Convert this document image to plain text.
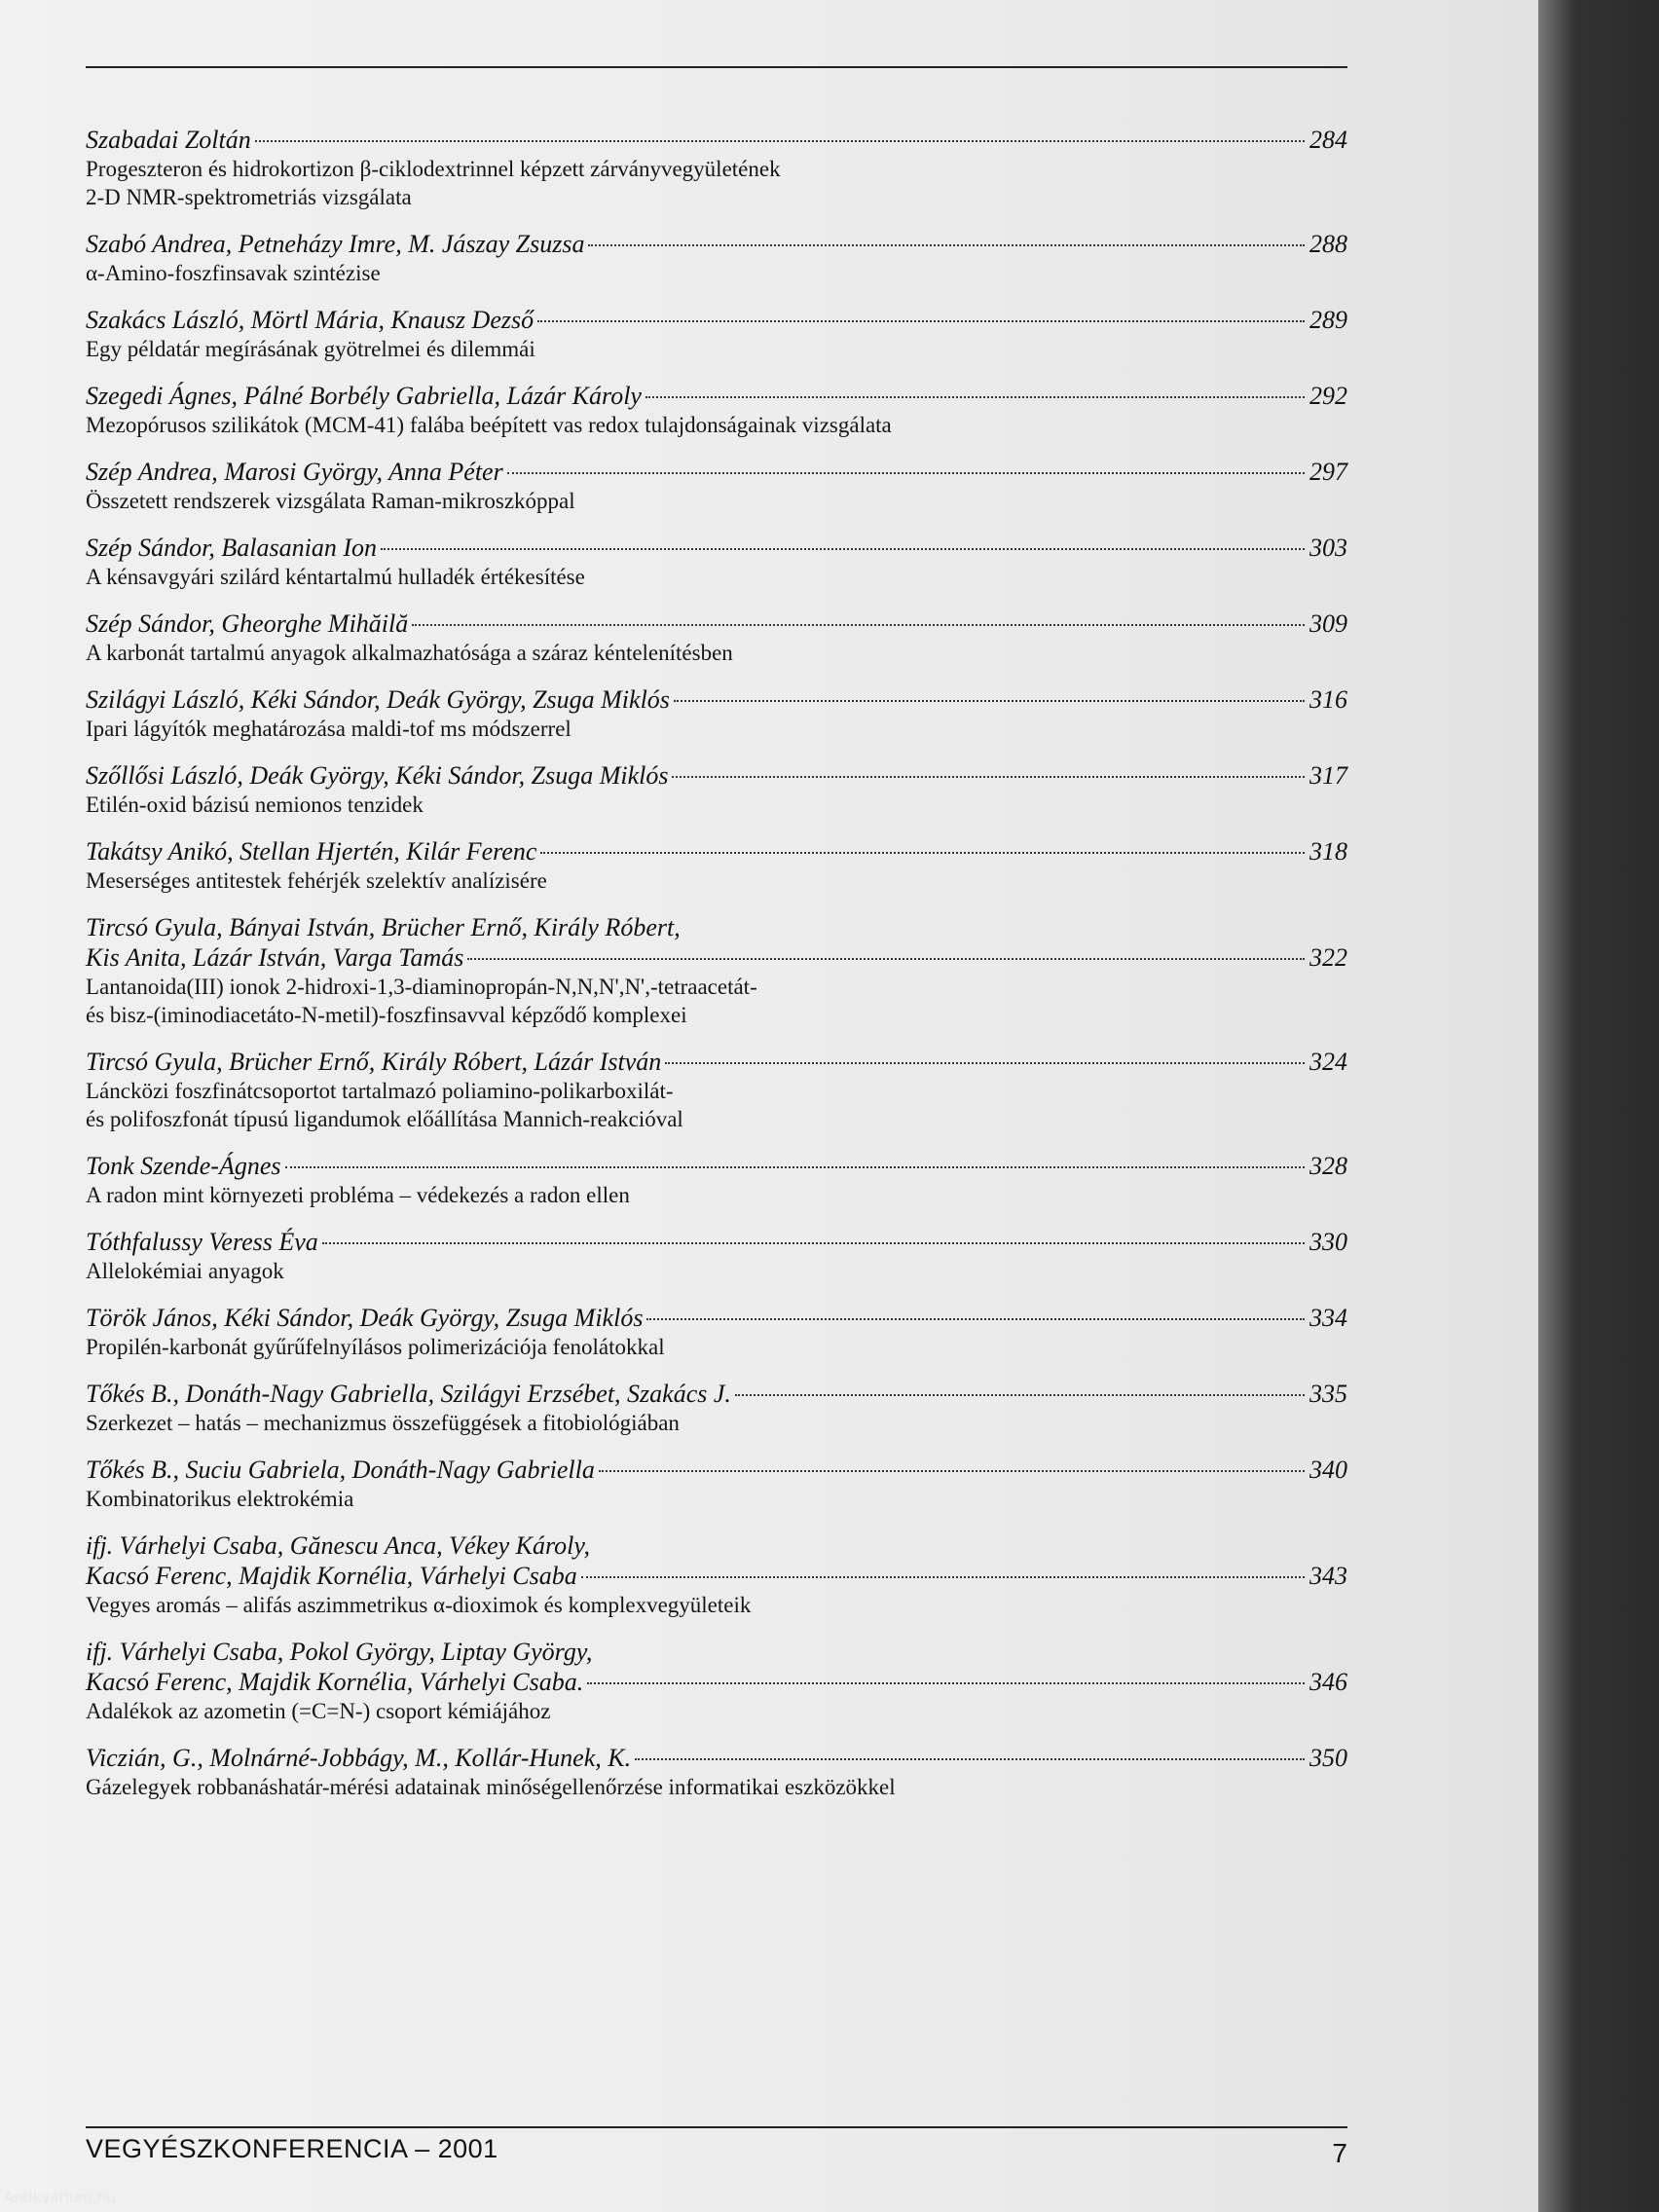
Szabadai Zoltán	284
Progeszteron és hidrokortizon β-ciklodextrinnel képzett zárványvegyületének
2-D NMR-spektrometriás vizsgálata
Szabó Andrea, Petneházy Imre, M. Jászay Zsuzsa	288
α-Amino-foszfinsavak szintézise
Szakács László, Mörtl Mária, Knausz Dezső	289
Egy példatár megírásának gyötrelmei és dilemmái
Szegedi Ágnes, Pálné Borbély Gabriella, Lázár Károly	292
Mezopórusos szilikátok (MCM-41) falába beépített vas redox tulajdonságainak vizsgálata
Szép Andrea, Marosi György, Anna Péter	297
Összetett rendszerek vizsgálata Raman-mikroszkóppal
Szép Sándor, Balasanian Ion	303
A kénsavgyári szilárd kéntartalmú hulladék értékesítése
Szép Sándor, Gheorghe Mihăilă	309
A karbonát tartalmú anyagok alkalmazhatósága a száraz kéntelenítésben
Szilágyi László, Kéki Sándor, Deák György, Zsuga Miklós	316
Ipari lágyítók meghatározása maldi-tof ms módszerrel
Szőllősi László, Deák György, Kéki Sándor, Zsuga Miklós	317
Etilén-oxid bázisú nemionos tenzidek
Takátsy Anikó, Stellan Hjertén, Kilár Ferenc	318
Meserséges antitestek fehérjék szelektív analízisére
Tircsó Gyula, Bányai István, Brücher Ernő, Király Róbert,
Kis Anita, Lázár István, Varga Tamás	322
Lantanoida(III) ionok 2-hidroxi-1,3-diaminopropán-N,N,N',N',-tetraacetát-
és bisz-(iminodiacetáto-N-metil)-foszfinsavval képződő komplexei
Tircsó Gyula, Brücher Ernő, Király Róbert, Lázár István	324
Láncközi foszfinátcsoportot tartalmazó poliamino-polikarboxilát-
és polifoszfonát típusú ligandumok előállítása Mannich-reakcióval
Tonk Szende-Ágnes	328
A radon mint környezeti probléma – védekezés a radon ellen
Tóthfalussy Veress Éva	330
Allelokémiai anyagok
Török János, Kéki Sándor, Deák György, Zsuga Miklós	334
Propilén-karbonát gyűrűfelnyílásos polimerizációja fenolátokkal
Tőkés B., Donáth-Nagy Gabriella, Szilágyi Erzsébet, Szakács J.	335
Szerkezet – hatás – mechanizmus összefüggések a fitobiológiában
Tőkés B., Suciu Gabriela, Donáth-Nagy Gabriella	340
Kombinatorikus elektrokémia
ifj. Várhelyi Csaba, Gănescu Anca, Vékey Károly,
Kacsó Ferenc, Majdik Kornélia, Várhelyi Csaba	343
Vegyes aromás – alifás aszimmetrikus α-dioximok és komplexvegyületeik
ifj. Várhelyi Csaba, Pokol György, Liptay György,
Kacsó Ferenc, Majdik Kornélia, Várhelyi Csaba.	346
Adalékok az azometin (=C=N-) csoport kémiájához
Viczián, G., Molnárné-Jobbágy, M., Kollár-Hunek, K.	350
Gázelegyek robbanáshatár-mérési adatainak minőségellenőrzése informatikai eszközökkel
VEGYÉSZKONFERENCIA – 2001	7
Antikvárium.hu
